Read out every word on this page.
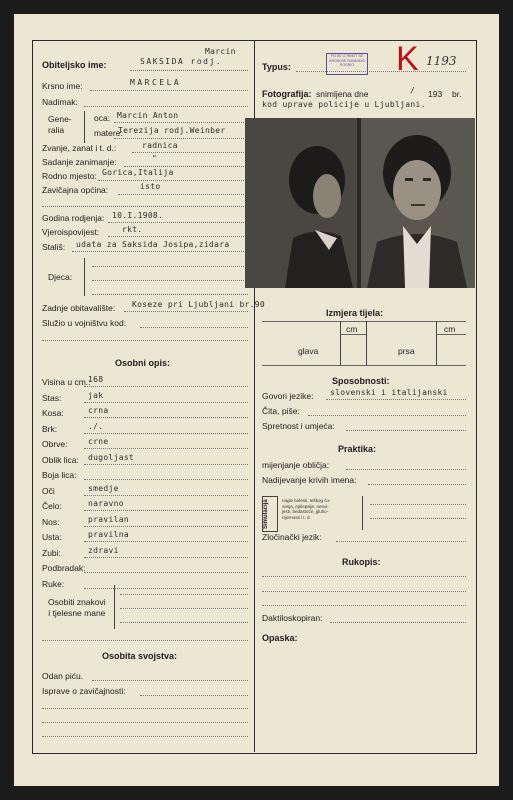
Marcin
Obiteljsko ime:	SAKSIDA rodj.
Krsno ime:	MARCELA
Nadimak:
Gene-
ralia
oca: Marcin Anton
matere:
Terezija rodj.Weinber
Zvanje, zanat i t. d.:	radnica
Sadanje zanimanje:	"
Rodno mjesto: Gorica,Italija
Zavičajna općina:	isto
Godina rodjenja: 10.I.1908.
Vjeroispovijest:	rkt.
Stališ: udata za Saksida Josipa,zidara
Djeca:
Zadnje obitavalište: Koseze pri Ljubljani br.90
Služio u vojništvu kod:
Osobni opis:
Visina u cm.:
168
Stas:	jak
Kosa:	crna
Brk:	./.
Obrve:	crne
Oblik lica: dugoljast
Boja lica:
Oči	smedje
Čelo:	naravno
Nos:	pravilan
Usta:	pravilna
Zubi:	zdravi
Podbradak:
Ruke:
Osobiti znakovi
i tjelesne mane
Osobita svojstva:
Odan piću.
Isprave o zavičajnosti:
Typus:
PO SE IZ RINGT SE KROSOVE RAVANDIS POGRIO	K 1193
Fotografija: snimljena dne	/ 193 br.
kod uprave policije u Ljubljani.
Izmjera tijela:
cm	cm
glava	prsa
Sposobnosti:
Govori jezike: slovenski i italijanski
Čita, piše:
Spretnost i umjeća:
Praktika:
mijenjanje obličja:
Nadijevanje krivih imena:
Simulacija	nagle bolesti, teškog ču-
venja, epilepsije, nesvi-
jesti, bedastoće, gluho-
nijemosti i t. d.
Zločinački jezik:
Rukopis:
Daktiloskopiran:
Opaska:
